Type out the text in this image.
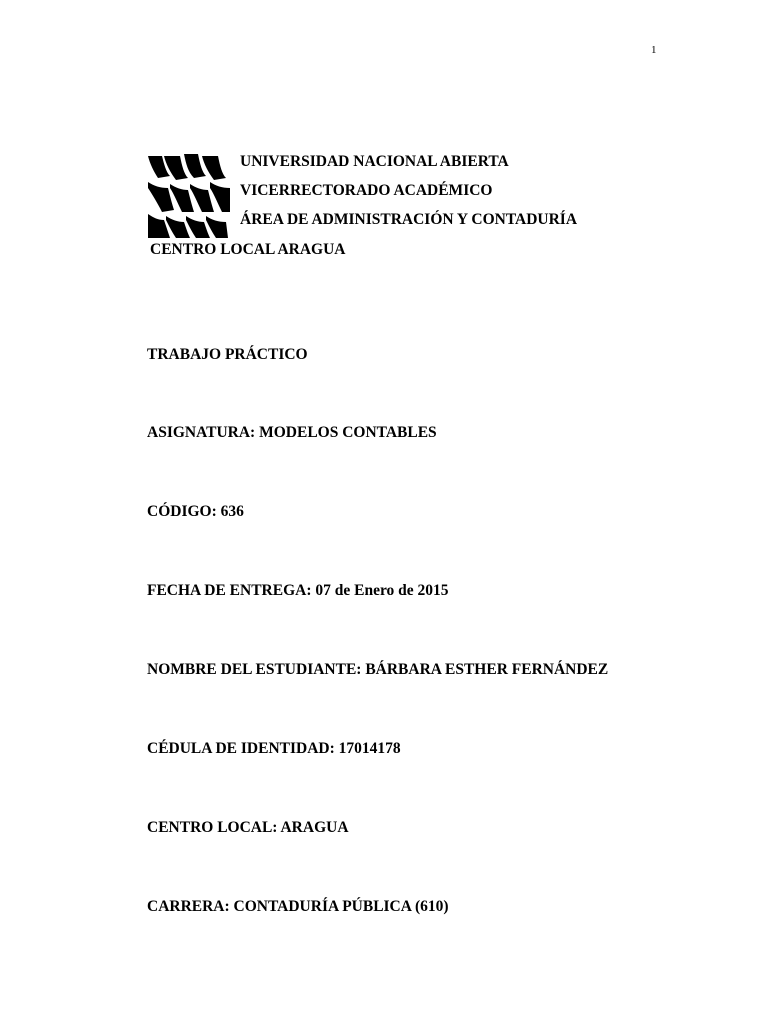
1
UNIVERSIDAD NACIONAL ABIERTA
VICERRECTORADO ACADÉMICO
ÁREA DE ADMINISTRACIÓN Y CONTADURÍA
CENTRO LOCAL ARAGUA
TRABAJO PRÁCTICO
ASIGNATURA: MODELOS CONTABLES
CÓDIGO: 636
FECHA DE ENTREGA: 07 de Enero de 2015
NOMBRE DEL ESTUDIANTE: BÁRBARA ESTHER FERNÁNDEZ
CÉDULA DE IDENTIDAD: 17014178
CENTRO LOCAL: ARAGUA
CARRERA: CONTADURÍA PÚBLICA (610)
